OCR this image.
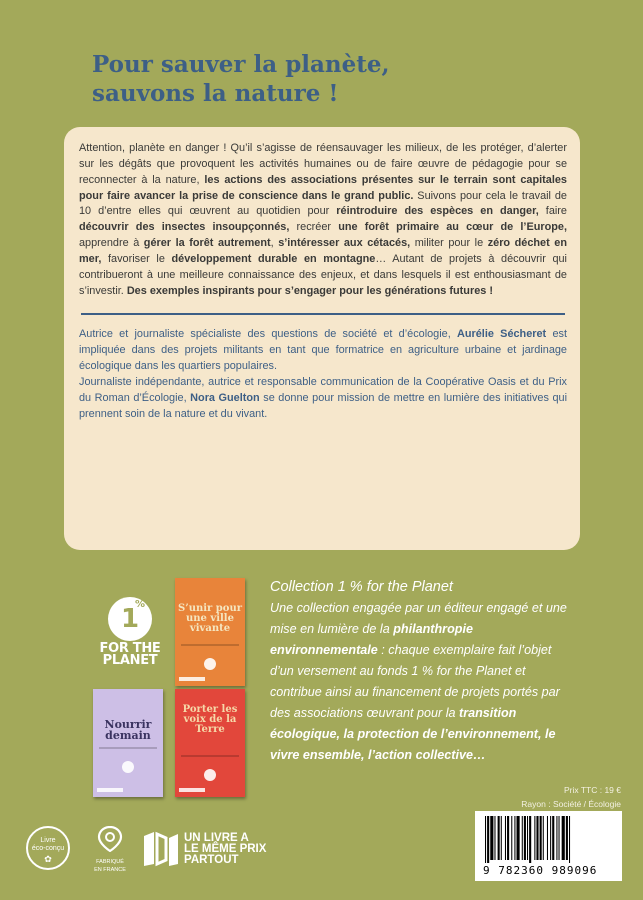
Pour sauver la planète,
sauvons la nature !

Attention, planète en danger ! Qu’il s’agisse de réensauvager les milieux, de les protéger, d’alerter sur les dégâts que provoquent les activités humaines ou de faire œuvre de pédagogie pour se reconnecter à la nature, les actions des associations présentes sur le terrain sont capitales pour faire avancer la prise de conscience dans le grand public. Suivons pour cela le travail de 10 d’entre elles qui œuvrent au quotidien pour réintroduire des espèces en danger, faire découvrir des insectes insoupçonnés, recréer une forêt primaire au cœur de l’Europe, apprendre à gérer la forêt autrement, s’intéresser aux cétacés, militer pour le zéro déchet en mer, favoriser le développement durable en montagne… Autant de projets à découvrir qui contribueront à une meilleure connaissance des enjeux, et dans lesquels il est enthousiasmant de s’investir. Des exemples inspirants pour s’engager pour les générations futures !

Autrice et journaliste spécialiste des questions de société et d’écologie, Aurélie Sécheret est impliquée dans des projets militants en tant que formatrice en agriculture urbaine et jardinage écologique dans les quartiers populaires.

Journaliste indépendante, autrice et responsable communication de la Coopérative Oasis et du Prix du Roman d’Écologie, Nora Guelton se donne pour mission de mettre en lumière des initiatives qui prennent soin de la nature et du vivant.

1
%
FOR THE
PLANET
S’unir pour une ville vivante
Nourrir demain
Porter les voix de la Terre
Collection 1 % for the Planet
Une collection engagée par un éditeur engagé et une mise en lumière de la philanthropie environnementale : chaque exemplaire fait l’objet d’un versement au fonds 1 % for the Planet et contribue ainsi au financement de projets portés par des associations œuvrant pour la transition écologique, la protection de l’environnement, le vivre ensemble, l’action collective…
Prix TTC : 19 €
Rayon : Société / Écologie
9 782360 989096
Livre
éco-conçu
✿	FABRIQUÉ
EN FRANCE
UN LIVRE A
LE MÊME PRIX
PARTOUT
